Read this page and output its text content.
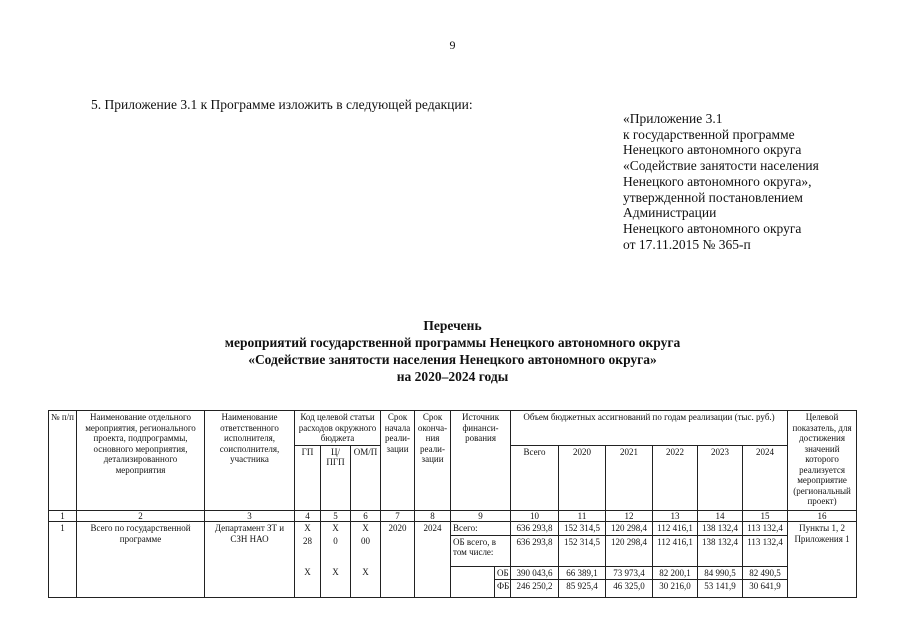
9
5. Приложение 3.1 к Программе изложить в следующей редакции:
«Приложение 3.1
к государственной программе
Ненецкого автономного округа
«Содействие занятости населения
Ненецкого автономного округа»,
утвержденной постановлением
Администрации
Ненецкого автономного округа
от 17.11.2015 № 365-п
Перечень
мероприятий государственной программы Ненецкого автономного округа
«Содействие занятости населения Ненецкого автономного округа»
на 2020–2024 годы
№ п/п	Наименование отдельного мероприятия, регионального проекта, подпрограммы, основного мероприятия, детализированного мероприятия	Наименование ответственного исполнителя, соисполнителя, участника	Код целевой статьи расходов окружного бюджета			Срок начала реали-зации	Срок оконча-ния реали-зации	Источник финанси-рования		Объем бюджетных ассигнований по годам реализации (тыс. руб.)						Целевой показатель, для достижения значений которого реализуется мероприятие (региональный проект)
			ГП	Ц/ПГП	ОМ/П					Всего	2020	2021	2022	2023	2024	
1	2	3	4	5	6	7	8	9		10	11	12	13	14	15	16
1	Всего по государственной программе	Департамент ЗТ и СЗН НАО	X	X	X	2020	2024	Всего:		636 293,8	152 314,5	120 298,4	112 416,1	138 132,4	113 132,4	Пункты 1, 2 Приложения 1
			28	0	00			ОБ всего, в том числе:		636 293,8	152 314,5	120 298,4	112 416,1	138 132,4	113 132,4	
			X	X	X				ОБ	390 043,6	66 389,1	73 973,4	82 200,1	84 990,5	82 490,5	
									ФБ	246 250,2	85 925,4	46 325,0	30 216,0	53 141,9	30 641,9	
